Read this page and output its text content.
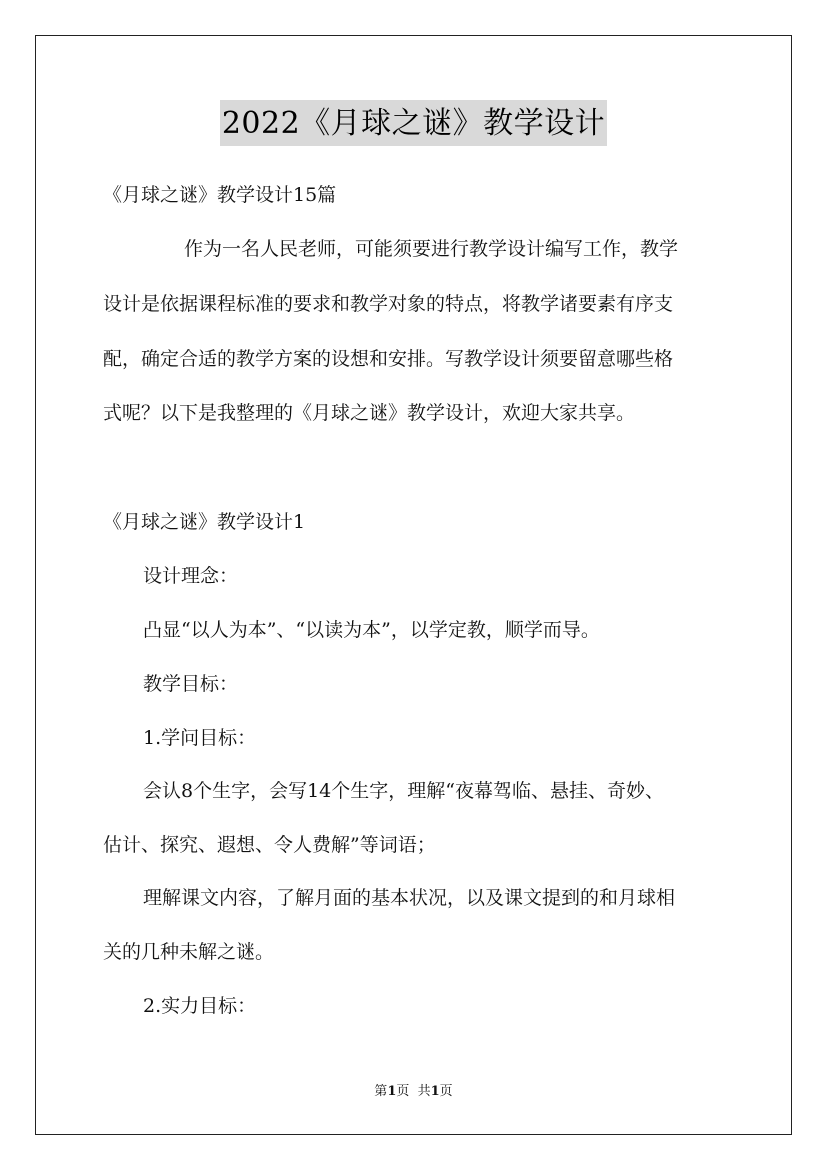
2022《月球之谜》教学设计
《月球之谜》教学设计15篇
作为一名人民老师，可能须要进行教学设计编写工作，教学
设计是依据课程标准的要求和教学对象的特点，将教学诸要素有序支
配，确定合适的教学方案的设想和安排。写教学设计须要留意哪些格
式呢？以下是我整理的《月球之谜》教学设计，欢迎大家共享。
《月球之谜》教学设计1
设计理念：
凸显“以人为本”、“以读为本”，以学定教，顺学而导。
教学目标：
1.学问目标：
会认8个生字，会写14个生字，理解“夜幕驾临、悬挂、奇妙、
估计、探究、遐想、令人费解”等词语；
理解课文内容，了解月面的基本状况，以及课文提到的和月球相
关的几种未解之谜。
2.实力目标：
第1页  共1页
